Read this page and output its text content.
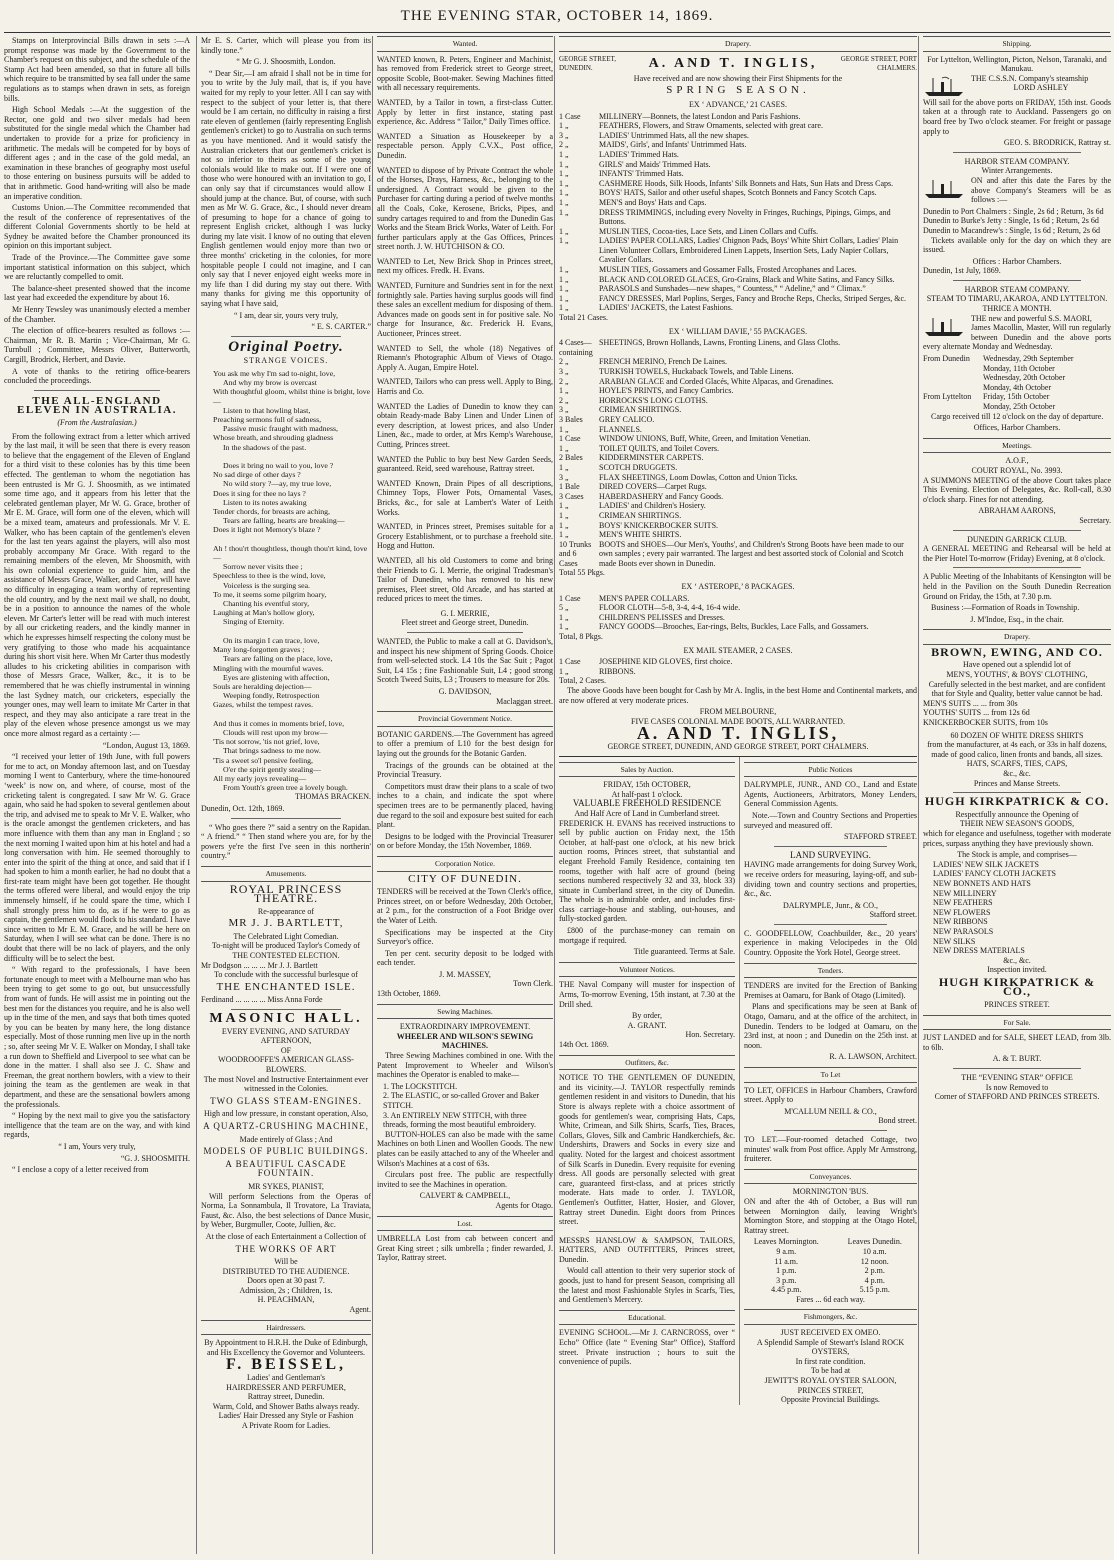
THE EVENING STAR, OCTOBER 14, 1869.

Stamps on Interprovincial Bills drawn in sets :—A prompt response was made by the Government to the Chamber's request on this subject, and the schedule of the Stamp Act had been amended, so that in future all bills which require to be transmitted by sea fall under the same regulations as to stamps when drawn in sets, as foreign bills.

High School Medals :—At the suggestion of the Rector, one gold and two silver medals had been substituted for the single medal which the Chamber had undertaken to provide for a prize for proficiency in arithmetic. The medals will be competed for by boys of different ages ; and in the case of the gold medal, an examination in these branches of geography most useful to those entering on business pursuits will be added to that in arithmetic. Good hand-writing will also be made an imperative condition.

Customs Union.—The Committee recommended that the result of the conference of representatives of the different Colonial Governments shortly to be held at Sydney be awaited before the Chamber pronounced its opinion on this important subject.

Trade of the Province.—The Committee gave some important statistical information on this subject, which we are reluctantly compelled to omit.

The balance-sheet presented showed that the income last year had exceeded the expenditure by about 16.

Mr Henry Tewsley was unanimously elected a member of the Chamber.

The election of office-bearers resulted as follows :—Chairman, Mr R. B. Martin ; Vice-Chairman, Mr G. Turnbull ; Committee, Messrs Oliver, Butterworth, Cargill, Brodrick, Herbert, and Davie.

A vote of thanks to the retiring office-bearers concluded the proceedings.

THE ALL-ENGLAND ELEVEN IN AUSTRALIA.
(From the Australasian.)

From the following extract from a letter which arrived by the last mail, it will be seen that there is every reason to believe that the engagement of the Eleven of England for a third visit to these colonies has by this time been effected. The gentleman to whom the negotiation has been entrusted is Mr G. J. Shoosmith, as we intimated some time ago, and it appears from his letter that the celebrated gentleman player, Mr W. G. Grace, brother of Mr E. M. Grace, will form one of the eleven, which will be a mixed team, amateurs and professionals. Mr V. E. Walker, who has been captain of the gentlemen's eleven for the last ten years against the players, will also most probably accompany Mr Grace. With regard to the remaining members of the eleven, Mr Shoosmith, with his own colonial experience to guide him, and the assistance of Messrs Grace, Walker, and Carter, will have no difficulty in engaging a team worthy of representing the old country, and by the next mail we shall, no doubt, be in a position to announce the names of the whole eleven. Mr Carter's letter will be read with much interest by all our cricketing readers, and the kindly manner in which he expresses himself respecting the colony must be very gratifying to those who made his acquaintance during his short visit here. When Mr Carter thus modestly alludes to his cricketing abilities in comparison with those of Messrs Grace, Walker, &c., it is to be remembered that he was chiefly instrumental in winning the last Sydney match, our cricketers, especially the younger ones, may well learn to imitate Mr Carter in that respect, and they may also anticipate a rare treat in the play of the eleven whose presence amongst us we may once more almost regard as a certainty :—

“London, August 13, 1869.

“I received your letter of 19th June, with full powers for me to act, on Monday afternoon last, and on Tuesday morning I went to Canterbury, where the time-honoured ‘week’ is now on, and where, of course, most of the cricketing talent is congregated. I saw Mr W. G. Grace again, who said he had spoken to several gentlemen about the trip, and advised me to speak to Mr V. E. Walker, who is the oracle amongst the gentlemen cricketers, and has more influence with them than any man in England ; so the next morning I waited upon him at his hotel and had a long conversation with him. He seemed thoroughly to enter into the spirit of the thing at once, and said that if I had spoken to him a month earlier, he had no doubt that a first-rate team might have been got together. He thought the terms offered were liberal, and would enjoy the trip immensely himself, if he could spare the time, which I shall strongly press him to do, as if he were to go as captain, the gentlemen would flock to his standard. I have since written to Mr E. M. Grace, and he will be here on Saturday, when I will see what can be done. There is no doubt that there will be no lack of players, and the only difficulty will be to select the best.

“ With regard to the professionals, I have been fortunate enough to meet with a Melbourne man who has been trying to get some to go out, but unsuccessfully from want of funds. He will assist me in pointing out the best men for the distances you require, and he is also well up in the time of the men, and says that both times quoted by you can be beaten by many here, the long distance especially. Most of those running men live up in the north ; so, after seeing Mr V. E. Walker on Monday, I shall take a run down to Sheffield and Liverpool to see what can be done in the matter. I shall also see J. C. Shaw and Freeman, the great northern bowlers, with a view to their joining the team as the gentlemen are weak in that department, and these are the sensational bowlers among the professionals.

“ Hoping by the next mail to give you the satisfactory intelligence that the team are on the way, and with kind regards,

“ I am, Yours very truly,

“G. J. SHOOSMITH.

“ I enclose a copy of a letter received from

Mr E. S. Carter, which will please you from its kindly tone.”

“ Mr G. J. Shoosmith, London.

“ Dear Sir,—I am afraid I shall not be in time for you to write by the July mail, that is, if you have waited for my reply to your letter. All I can say with respect to the subject of your letter is, that there would be I am certain, no difficulty in raising a first rate eleven of gentlemen (fairly representing English gentlemen's cricket) to go to Australia on such terms as you have mentioned. And it would satisfy the Australian cricketers that our gentlemen's cricket is not so inferior to theirs as some of the young colonials would like to make out. If I were one of those who were honoured with an invitation to go, I can only say that if circumstances would allow I should jump at the chance. But, of course, with such men as Mr W. G. Grace, &c., I should never dream of presuming to hope for a chance of going to represent English cricket, although I was lucky during my late visit. I know of no outing that eleven English gentlemen would enjoy more than two or three months' cricketing in the colonies, for more hospitable people I could not imagine, and I can only say that I never enjoyed eight weeks more in my life than I did during my stay out there. With many thanks for giving me this opportunity of saying what I have said,

“ I am, dear sir, yours very truly,

“ E. S. CARTER.”

Original Poetry.
STRANGE VOICES.
You ask me why I'm sad to-night, love,
And why my brow is overcast
With thoughtful gloom, whilst thine is bright, love—
Listen to that howling blast,
Preaching sermons full of sadness,
Passive music fraught with madness,
Whose breath, and shrouding gladness
In the shadows of the past.

Does it bring no wail to you, love ?
No sad dirge of other days ?
No wild story ?—ay, my true love,
Does it sing for thee no lays ?
Listen to its notes awaking
Tender chords, for breasts are aching,
Tears are falling, hearts are breaking—
Does it light not Memory's blaze ?

Ah ! thou'rt thoughtless, though thou'rt kind, love—
Sorrow never visits thee ;
Speechless to thee is the wind, love,
Voiceless is the surging sea.
To me, it seems some pilgrim hoary,
Chanting his eventful story,
Laughing at Man's hollow glory,
Singing of Eternity.

On its margin I can trace, love,
Many long-forgotten graves ;
Tears are falling on the place, love,
Mingling with the mournful waves.
Eyes are glistening with affection,
Souls are heralding dejection—
Weeping fondly, Retrospection
Gazes, whilst the tempest raves.

And thus it comes in moments brief, love,
Clouds will rest upon my brow—
'Tis not sorrow, 'tis not grief, love,
That brings sadness to me now.
'Tis a sweet so'l pensive feeling,
O'er the spirit gently stealing—
All my early joys revealing—
From Youth's green tree a lovely bough.

THOMAS BRACKEN.

Dunedin, Oct. 12th, 1869.

“ Who goes there ?” said a sentry on the Rapidan. “ A friend.” “ Then stand where you are, for by the powers ye're the first I've seen in this northerin' country.”

Amusements.
ROYAL PRINCESS THEATRE.
Re-appearance of
MR J. J. BARTLETT,
The Celebrated Light Comedian.
To-night will be produced Taylor's Comedy of
THE CONTESTED ELECTION.
Mr Dodgson ... ... ... Mr J. J. Bartlett
To conclude with the successful burlesque of
THE ENCHANTED ISLE.
Ferdinand ... ... ... ... Miss Anna Forde
MASONIC HALL.
EVERY EVENING, AND SATURDAY AFTERNOON,
OF
WOODROOFFE'S AMERICAN GLASS-BLOWERS.
The most Novel and Instructive Entertainment ever witnessed in the Colonies.
TWO GLASS STEAM-ENGINES.
High and low pressure, in constant operation, Also,
A QUARTZ-CRUSHING MACHINE,
Made entirely of Glass ; And
MODELS OF PUBLIC BUILDINGS.
A BEAUTIFUL CASCADE FOUNTAIN.
MR SYKES, PIANIST,

Will perform Selections from the Operas of Norma, La Sonnambula, Il Trovatore, La Traviata, Faust, &c. Also, the best selections of Dance Music, by Weber, Burgmuller, Coote, Jullien, &c.

At the close of each Entertainment a Collection of
THE WORKS OF ART
Will be
DISTRIBUTED TO THE AUDIENCE.
Doors open at 30 past 7.
Admission, 2s ; Children, 1s.
H. PEACHMAN,
Agent.
Hairdressers.
By Appointment to H.R.H. the Duke of Edinburgh, and His Excellency the Governor and Volunteers.
F. BEISSEL,
Ladies' and Gentleman's
HAIRDRESSER AND PERFUMER,
Rattray street, Dunedin.
Warm, Cold, and Shower Baths always ready.
Ladies' Hair Dressed any Style or Fashion
A Private Room for Ladies.
Wanted.

WANTED known, R. Peters, Engineer and Machinist, has removed from Frederick street to George street, opposite Scoble, Boot-maker. Sewing Machines fitted with all necessary requirements.

WANTED, by a Tailor in town, a first-class Cutter. Apply by letter in first instance, stating past experience, &c. Address “ Tailor,” Daily Times office.

WANTED a Situation as Housekeeper by a respectable person. Apply C.V.X., Post office, Dunedin.

WANTED to dispose of by Private Contract the whole of the Horses, Drays, Harness, &c., belonging to the undersigned. A Contract would be given to the Purchaser for carting during a period of twelve months all the Coals, Coke, Kerosene, Bricks, Pipes, and sundry cartages required to and from the Dunedin Gas Works and the Steam Brick Works, Water of Leith. For further particulars apply at the Gas Offices, Princes street north. J. W. HUTCHISON & CO.

WANTED to Let, New Brick Shop in Princes street, next my offices. Fredk. H. Evans.

WANTED, Furniture and Sundries sent in for the next fortnightly sale. Parties having surplus goods will find these sales an excellent medium for disposing of them. Advances made on goods sent in for positive sale. No charge for Insurance, &c. Frederick H. Evans, Auctioneer, Princes street.

WANTED to Sell, the whole (18) Negatives of Riemann's Photographic Album of Views of Otago. Apply A. Augan, Empire Hotel.

WANTED, Tailors who can press well. Apply to Bing, Harris and Co.

WANTED the Ladies of Dunedin to know they can obtain Ready-made Baby Linen and Under Linen of every description, at lowest prices, and also Under Linen, &c., made to order, at Mrs Kemp's Warehouse, Cutting, Princes street.

WANTED the Public to buy best New Garden Seeds, guaranteed. Reid, seed warehouse, Rattray street.

WANTED Known, Drain Pipes of all descriptions, Chimney Tops, Flower Pots, Ornamental Vases, Bricks, &c., for sale at Lambert's Water of Leith Works.

WANTED, in Princes street, Premises suitable for a Grocery Establishment, or to purchase a freehold site. Hogg and Hutton.

WANTED, all his old Customers to come and bring their Friends to G. I. Merrie, the original Tradesman's Tailor of Dunedin, who has removed to his new premises, Fleet street, Old Arcade, and has started at reduced prices to meet the times.

G. I. MERRIE,
Fleet street and George street, Dunedin.

WANTED, the Public to make a call at G. Davidson's, and inspect his new shipment of Spring Goods. Choice from well-selected stock. L4 10s the Sac Suit ; Pagot Suit, L4 15s ; fine Fashionable Suit, L4 ; good strong Scotch Tweed Suits, L3 ; Trousers to measure for 20s.

G. DAVIDSON,
Maclaggan street.
Provincial Government Notice.

BOTANIC GARDENS.—The Government has agreed to offer a premium of L10 for the best design for laying out the grounds for the Botanic Garden.

Tracings of the grounds can be obtained at the Provincial Treasury.

Competitors must draw their plans to a scale of two inches to a chain, and indicate the spot where specimen trees are to be permanently placed, having due regard to the soil and exposure best suited for each plant.

Designs to be lodged with the Provincial Treasurer on or before Monday, the 15th November, 1869.

Corporation Notice.
CITY OF DUNEDIN.

TENDERS will be received at the Town Clerk's office, Princes street, on or before Wednesday, 20th October, at 2 p.m., for the construction of a Foot Bridge over the Water of Leith.

Specifications may be inspected at the City Surveyor's office.

Ten per cent. security deposit to be lodged with each tender.

J. M. MASSEY,
Town Clerk.
13th October, 1869.
Sewing Machines.
EXTRAORDINARY IMPROVEMENT.
WHEELER AND WILSON'S SEWING MACHINES.

Three Sewing Machines combined in one. With the Patent Improvement to Wheeler and Wilson's machines the Operator is enabled to make—

1. The LOCKSTITCH.
2. The ELASTIC, or so-called Grover and Baker STITCH.
3. An ENTIRELY NEW STITCH, with three threads, forming the most beautiful embroidery.

BUTTON-HOLES can also be made with the same Machines on both Linen and Woollen Goods. The new plates can be easily attached to any of the Wheeler and Wilson's Machines at a cost of 63s.

Circulars post free. The public are respectfully invited to see the Machines in operation.

CALVERT & CAMPBELL,
Agents for Otago.
Lost.

UMBRELLA Lost from cab between concert and Great King street ; silk umbrella ; finder rewarded, J. Taylor, Rattray street.

Drapery.
GEORGE STREET, DUNEDIN.	A. AND T. INGLIS,	GEORGE STREET, PORT CHALMERS.
Have received and are now showing their First Shipments for the
SPRING SEASON.
EX ‘ ADVANCE,’ 21 CASES.
1 Case	MILLINERY—Bonnets, the latest London and Paris Fashions.
1 „	FEATHERS, Flowers, and Straw Ornaments, selected with great care.
3 „	LADIES' Untrimmed Hats, all the new shapes.
2 „	MAIDS', Girls', and Infants' Untrimmed Hats.
1 „	LADIES' Trimmed Hats.
1 „	GIRLS' and Maids' Trimmed Hats.
1 „	INFANTS' Trimmed Hats.
1 „	CASHMERE Hoods, Silk Hoods, Infants' Silk Bonnets and Hats, Sun Hats and Dress Caps.
1 „	BOYS' HATS, Sailor and other useful shapes, Scotch Bonnets and Fancy Scotch Caps.
1 „	MEN'S and Boys' Hats and Caps.
1 „	DRESS TRIMMINGS, including every Novelty in Fringes, Ruchings, Pipings, Gimps, and Buttons.
1 „	MUSLIN TIES, Cocoa-ties, Lace Sets, and Linen Collars and Cuffs.
1 „	LADIES' PAPER COLLARS, Ladies' Chignon Pads, Boys' White Shirt Collars, Ladies' Plain Linen Volunteer Collars, Embroidered Linen Lappets, Insertion Sets, Lady Napier Collars, Cavalier Collars.
1 „	MUSLIN TIES, Gossamers and Gossamer Falls, Frosted Arcophanes and Laces.
1 „	BLACK AND COLORED GLACES, Gro-Grains, Black and White Satins, and Fancy Silks.
1 „	PARASOLS and Sunshades—new shapes, “ Countess,” “ Adeline,” and “ Climax.”
1 „	FANCY DRESSES, Marl Poplins, Serges, Fancy and Broche Reps, Checks, Striped Serges, &c.
1 „	LADIES' JACKETS, the Latest Fashions.
Total 21 Cases.
EX ‘ WILLIAM DAVIE,’ 55 PACKAGES.
4 Cases—containing
SHEETINGS, Brown Hollands, Lawns, Fronting Linens, and Glass Cloths.
2 „	FRENCH MERINO, French De Laines.
3 „	TURKISH TOWELS, Huckaback Towels, and Table Linens.
2 „	ARABIAN GLACE and Corded Glacés, White Alpacas, and Grenadines.
1 „	HOYLE'S PRINTS, and Fancy Cambrics.
2 „	HORROCKS'S LONG CLOTHS.
3 „	CRIMEAN SHIRTINGS.
3 Bales	GREY CALICO.
1 „	FLANNELS.
1 Case	WINDOW UNIONS, Buff, White, Green, and Imitation Venetian.
1 „	TOILET QUILTS, and Toilet Covers.
2 Bales	KIDDERMINSTER CARPETS.
1 „	SCOTCH DRUGGETS.
3 „	FLAX SHEETINGS, Loom Dowlas, Cotton and Union Ticks.
1 Bale	DIRED COVERS—Carpet Rugs.
3 Cases	HABERDASHERY and Fancy Goods.
1 „	LADIES' and Children's Hosiery.
1 „	CRIMEAN SHIRTINGS.
1 „	BOYS' KNICKERBOCKER SUITS.
1 „	MEN'S WHITE SHIRTS.
10 Trunks and 6 Cases
BOOTS and SHOES—Our Men's, Youths', and Children's Strong Boots have been made to our own samples ; every pair warranted. The largest and best assorted stock of Colonial and Scotch made Boots ever shown in Dunedin.
Total 55 Pkgs.
EX ‘ ASTEROPE,’ 8 PACKAGES.
1 Case	MEN'S PAPER COLLARS.
5 „	FLOOR CLOTH—5-8, 3-4, 4-4, 16-4 wide.
1 „	CHILDREN'S PELISSES and Dresses.
1 „	FANCY GOODS—Brooches, Ear-rings, Belts, Buckles, Lace Falls, and Gossamers.
Total, 8 Pkgs.
EX MAIL STEAMER, 2 CASES.
1 Case	JOSEPHINE KID GLOVES, first choice.
1 „	RIBBONS.
Total, 2 Cases.

The above Goods have been bought for Cash by Mr A. Inglis, in the best Home and Continental markets, and are now offered at very moderate prices.

FROM MELBOURNE,
FIVE CASES COLONIAL MADE BOOTS, ALL WARRANTED.
A. AND T. INGLIS,
GEORGE STREET, DUNEDIN, AND GEORGE STREET, PORT CHALMERS.
Sales by Auction.
FRIDAY, 15th OCTOBER,
At half-past 1 o'clock.
VALUABLE FREEHOLD RESIDENCE
And Half Acre of Land in Cumberland street.

FREDERICK H. EVANS has received instructions to sell by public auction on Friday next, the 15th October, at half-past one o'clock, at his new brick auction rooms, Princes street, that substantial and elegant Freehold Family Residence, containing ten rooms, together with half acre of ground (being sections numbered respectively 32 and 33, block 33) situate in Cumberland street, in the city of Dunedin. The whole is in admirable order, and includes first-class carriage-house and stabling, out-houses, and fully-stocked garden.

£800 of the purchase-money can remain on mortgage if required.

Title guaranteed. Terms at Sale.

Volunteer Notices.

THE Naval Company will muster for inspection of Arms, To-morrow Evening, 15th instant, at 7.30 at the Drill shed.

By order,
A. GRANT.
Hon. Secretary.
14th Oct. 1869.
Outfitters, &c.

NOTICE TO THE GENTLEMEN OF DUNEDIN, and its vicinity.—J. TAYLOR respectfully reminds gentlemen resident in and visitors to Dunedin, that his Store is always replete with a choice assortment of goods for gentlemen's wear, comprising Hats, Caps, White, Crimean, and Silk Shirts, Scarfs, Ties, Braces, Collars, Gloves, Silk and Cambric Handkerchiefs, &c. Undershirts, Drawers and Socks in every size and quality. Noted for the largest and choicest assortment of Silk Scarfs in Dunedin. Every requisite for evening dress. All goods are personally selected with great care, guaranteed first-class, and at prices strictly moderate. Hats made to order. J. TAYLOR, Gentlemen's Outfitter, Hatter, Hosier, and Glover, Rattray street Dunedin. Eight doors from Princes street.

MESSRS HANSLOW & SAMPSON, TAILORS, HATTERS, AND OUTFITTERS, Princes street, Dunedin.

Would call attention to their very superior stock of goods, just to hand for present Season, comprising all the latest and most Fashionable Styles in Scarfs, Ties, and Gentlemen's Mercery.

Educational.

EVENING SCHOOL.—Mr J. CARNCROSS, over “ Echo” Office (late “ Evening Star” Office), Stafford street. Private instruction ; hours to suit the convenience of pupils.

Public Notices

DALRYMPLE, JUNR., AND CO., Land and Estate Agents, Auctioneers, Arbitrators, Money Lenders, General Commission Agents.

Note.—Town and Country Sections and Properties surveyed and measured off.

STAFFORD STREET.
LAND SURVEYING.

HAVING made arrangements for doing Survey Work, we receive orders for measuring, laying-off, and sub-dividing town and country sections and properties, &c., &c.

DALRYMPLE, Junr., & CO.,
Stafford street.

C. GOODFELLOW, Coachbuilder, &c., 20 years' experience in making Velocipedes in the Old Country. Opposite the York Hotel, George street.

Tenders.

TENDERS are invited for the Erection of Banking Premises at Oamaru, for Bank of Otago (Limited).

Plans and specifications may be seen at Bank of Otago, Oamaru, and at the office of the architect, in Dunedin. Tenders to be lodged at Oamaru, on the 23rd inst, at noon ; and Dunedin on the 25th inst. at noon.

R. A. LAWSON, Architect.
To Let

TO LET, OFFICES in Harbour Chambers, Crawford street. Apply to

M'CALLUM NEILL & CO.,
Bond street.

TO LET.—Four-roomed detached Cottage, two minutes' walk from Post office. Apply Mr Armstrong, fruiterer.

Conveyances.
MORNINGTON 'BUS.

ON and after the 4th of October, a Bus will run between Mornington daily, leaving Wright's Mornington Store, and stopping at the Otago Hotel, Rattray street.

Leaves Mornington.	Leaves Dunedin.
9 a.m.	10 a.m.
11 a.m.	12 noon.
1 p.m.	2 p.m.
3 p.m.	4 p.m.
4.45 p.m.	5.15 p.m.
Fares ... 6d each way.
Fishmongers, &c.
JUST RECEIVED EX OMEO.
A Splendid Sample of Stewart's Island ROCK OYSTERS,
In first rate condition.
To be had at
JEWITT'S ROYAL OYSTER SALOON,
PRINCES STREET,
Opposite Provincial Buildings.
Shipping.
For Lyttelton, Wellington, Picton, Nelson, Taranaki, and Manukau.
THE C.S.S.N. Company's steamship
LORD ASHLEY

Will sail for the above ports on FRIDAY, 15th inst. Goods taken at a through rate to Auckland. Passengers go on board free by Two o'clock steamer. For freight or passage apply to

GEO. S. BRODRICK, Rattray st.
HARBOR STEAM COMPANY.
Winter Arrangements.

ON and after this date the Fares by the above Company's Steamers will be as follows :—

Dunedin to Port Chalmers : Single, 2s 6d ; Return, 3s 6d
Dunedin to Burke's Jetty : Single, 1s 6d ; Return, 2s 6d
Dunedin to Macandrew's : Single, 1s 6d ; Return, 2s 6d

Tickets available only for the day on which they are issued.

Offices : Harbor Chambers.
Dunedin, 1st July, 1869.
HARBOR STEAM COMPANY.
STEAM TO TIMARU, AKAROA, AND LYTTELTON.
THRICE A MONTH.
THE new and powerful S.S. MAORI,

James Macollin, Master, Will run regularly between Dunedin and the above ports every alternate Monday and Wednesday.

From Dunedin	Wednesday, 29th September
Monday, 11th October
Wednesday, 20th October
Monday, 4th October
From Lyttelton	Friday, 15th October
Monday, 25th October

Cargo received till 12 o'clock on the day of departure.

Offices, Harbor Chambers.
Meetings.
A.O.F.,
COURT ROYAL, No. 3993.

A SUMMONS MEETING of the above Court takes place This Evening. Election of Delegates, &c. Roll-call, 8.30 o'clock sharp. Fines for not attending.

ABRAHAM AARONS,
Secretary.
DUNEDIN GARRICK CLUB.

A GENERAL MEETING and Rehearsal will be held at the Pier Hotel To-morrow (Friday) Evening, at 8 o'clock.

A Public Meeting of the Inhabitants of Kensington will be held in the Pavilion on the South Dunedin Recreation Ground on Friday, the 15th, at 7.30 p.m.

Business :—Formation of Roads in Township.

J. M'Indoe, Esq., in the chair.
Drapery.
BROWN, EWING, AND CO.
Have opened out a splendid lot of
MEN'S, YOUTHS', & BOYS' CLOTHING,
Carefully selected in the best market, and are confident that for Style and Quality, better value cannot be had.
MEN'S SUITS ... ... from 30s
YOUTHS' SUITS ... from 12s 6d
KNICKERBOCKER SUITS, from 10s
60 DOZEN OF WHITE DRESS SHIRTS
from the manufacturer, at 4s each, or 33s in half dozens, made of good calico, linen fronts and bands, all sizes.
HATS, SCARFS, TIES, CAPS,
&c., &c.
Princes and Manse Streets.
HUGH KIRKPATRICK & CO.
Respectfully announce the Opening of
THEIR NEW SEASON'S GOODS,

which for elegance and usefulness, together with moderate prices, surpass anything they have previously shown.

The Stock is ample, and comprises—
LADIES' NEW SILK JACKETS
LADIES' FANCY CLOTH JACKETS
NEW BONNETS AND HATS
NEW MILLINERY
NEW FEATHERS
NEW FLOWERS
NEW RIBBONS
NEW PARASOLS
NEW SILKS
NEW DRESS MATERIALS
&c., &c.
Inspection invited.
HUGH KIRKPATRICK & CO.,
PRINCES STREET.
For Sale.

JUST LANDED and for SALE, SHEET LEAD, from 3lb. to 6lb.

A. & T. BURT.
THE “EVENING STAR” OFFICE
Is now Removed to
Corner of STAFFORD AND PRINCES STREETS.
